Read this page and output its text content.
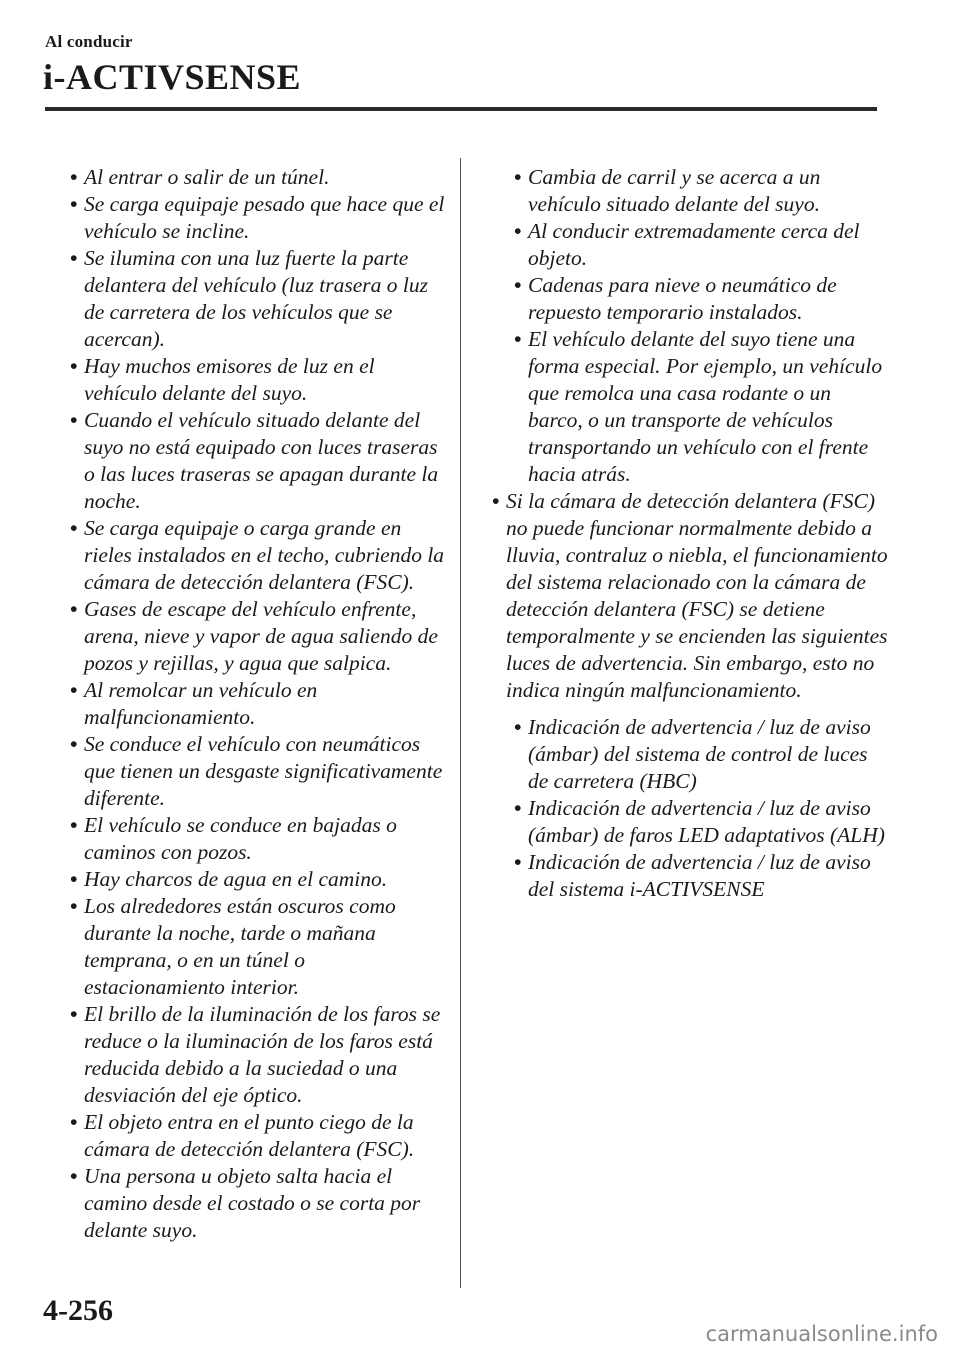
Al conducir
i-ACTIVSENSE
• Al entrar o salir de un túnel.
• Se carga equipaje pesado que hace que el vehículo se incline.
• Se ilumina con una luz fuerte la parte delantera del vehículo (luz trasera o luz de carretera de los vehículos que se acercan).
• Hay muchos emisores de luz en el vehículo delante del suyo.
• Cuando el vehículo situado delante del suyo no está equipado con luces traseras o las luces traseras se apagan durante la noche.
• Se carga equipaje o carga grande en rieles instalados en el techo, cubriendo la cámara de detección delantera (FSC).
• Gases de escape del vehículo enfrente, arena, nieve y vapor de agua saliendo de pozos y rejillas, y agua que salpica.
• Al remolcar un vehículo en malfuncionamiento.
• Se conduce el vehículo con neumáticos que tienen un desgaste significativamente diferente.
• El vehículo se conduce en bajadas o caminos con pozos.
• Hay charcos de agua en el camino.
• Los alrededores están oscuros como durante la noche, tarde o mañana temprana, o en un túnel o estacionamiento interior.
• El brillo de la iluminación de los faros se reduce o la iluminación de los faros está reducida debido a la suciedad o una desviación del eje óptico.
• El objeto entra en el punto ciego de la cámara de detección delantera (FSC).
• Una persona u objeto salta hacia el camino desde el costado o se corta por delante suyo.
• Cambia de carril y se acerca a un vehículo situado delante del suyo.
• Al conducir extremadamente cerca del objeto.
• Cadenas para nieve o neumático de repuesto temporario instalados.
• El vehículo delante del suyo tiene una forma especial. Por ejemplo, un vehículo que remolca una casa rodante o un barco, o un transporte de vehículos transportando un vehículo con el frente hacia atrás.
• Si la cámara de detección delantera (FSC) no puede funcionar normalmente debido a lluvia, contraluz o niebla, el funcionamiento del sistema relacionado con la cámara de detección delantera (FSC) se detiene temporalmente y se encienden las siguientes luces de advertencia. Sin embargo, esto no indica ningún malfuncionamiento.
• Indicación de advertencia / luz de aviso (ámbar) del sistema de control de luces de carretera (HBC)
• Indicación de advertencia / luz de aviso (ámbar) de faros LED adaptativos (ALH)
• Indicación de advertencia / luz de aviso del sistema i-ACTIVSENSE

4-256

carmanualsonline.info
